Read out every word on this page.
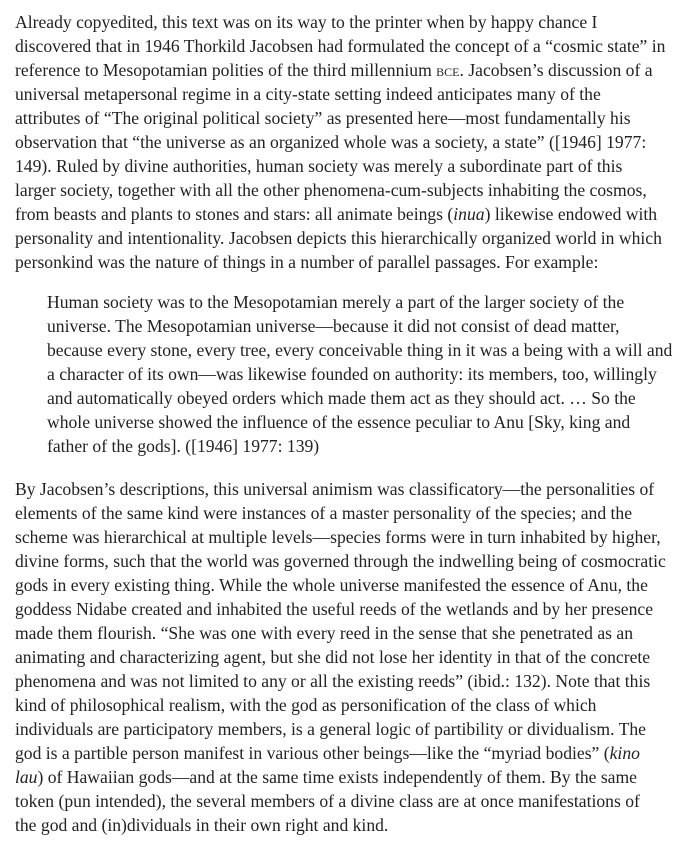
Already copyedited, this text was on its way to the printer when by happy chance I
discovered that in 1946 Thorkild Jacobsen had formulated the concept of a “cosmic state” in
reference to Mesopotamian polities of the third millennium bce. Jacobsen’s discussion of a
universal metapersonal regime in a city-state setting indeed anticipates many of the
attributes of “The original political society” as presented here—most fundamentally his
observation that “the universe as an organized whole was a society, a state” ([1946] 1977:
149). Ruled by divine authorities, human society was merely a subordinate part of this
larger society, together with all the other phenomena-cum-subjects inhabiting the cosmos,
from beasts and plants to stones and stars: all animate beings (inua) likewise endowed with
personality and intentionality. Jacobsen depicts this hierarchically organized world in which
personkind was the nature of things in a number of parallel passages. For example:

Human society was to the Mesopotamian merely a part of the larger society of the
universe. The Mesopotamian universe—because it did not consist of dead matter,
because every stone, every tree, every conceivable thing in it was a being with a will and
a character of its own—was likewise founded on authority: its members, too, willingly
and automatically obeyed orders which made them act as they should act. … So the
whole universe showed the influence of the essence peculiar to Anu [Sky, king and
father of the gods]. ([1946] 1977: 139)

By Jacobsen’s descriptions, this universal animism was classificatory—the personalities of
elements of the same kind were instances of a master personality of the species; and the
scheme was hierarchical at multiple levels—species forms were in turn inhabited by higher,
divine forms, such that the world was governed through the indwelling being of cosmocratic
gods in every existing thing. While the whole universe manifested the essence of Anu, the
goddess Nidabe created and inhabited the useful reeds of the wetlands and by her presence
made them flourish. “She was one with every reed in the sense that she penetrated as an
animating and characterizing agent, but she did not lose her identity in that of the concrete
phenomena and was not limited to any or all the existing reeds” (ibid.: 132). Note that this
kind of philosophical realism, with the god as personification of the class of which
individuals are participatory members, is a general logic of partibility or dividualism. The
god is a partible person manifest in various other beings—like the “myriad bodies” (kino
lau) of Hawaiian gods—and at the same time exists independently of them. By the same
token (pun intended), the several members of a divine class are at once manifestations of
the god and (in)dividuals in their own right and kind.
